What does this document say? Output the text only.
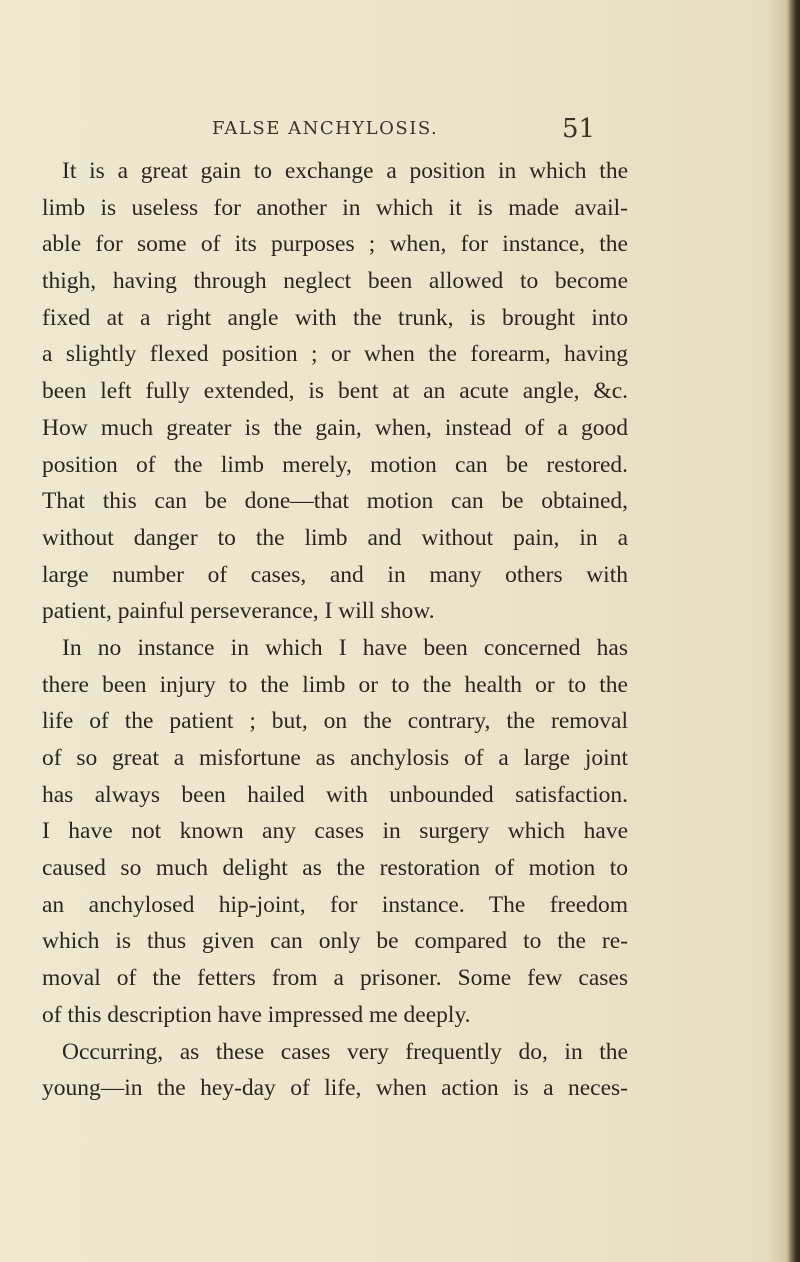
FALSE ANCHYLOSIS.	51
It is a great gain to exchange a position in which the
limb is useless for another in which it is made avail-
able for some of its purposes ; when, for instance, the
thigh, having through neglect been allowed to become
fixed at a right angle with the trunk, is brought into
a slightly flexed position ; or when the forearm, having
been left fully extended, is bent at an acute angle, &c.
How much greater is the gain, when, instead of a good
position of the limb merely, motion can be restored.
That this can be done—that motion can be obtained,
without danger to the limb and without pain, in a
large number of cases, and in many others with
patient, painful perseverance, I will show.
In no instance in which I have been concerned has
there been injury to the limb or to the health or to the
life of the patient ; but, on the contrary, the removal
of so great a misfortune as anchylosis of a large joint
has always been hailed with unbounded satisfaction.
I have not known any cases in surgery which have
caused so much delight as the restoration of motion to
an anchylosed hip-joint, for instance. The freedom
which is thus given can only be compared to the re-
moval of the fetters from a prisoner. Some few cases
of this description have impressed me deeply.
Occurring, as these cases very frequently do, in the
young—in the hey-day of life, when action is a neces-
